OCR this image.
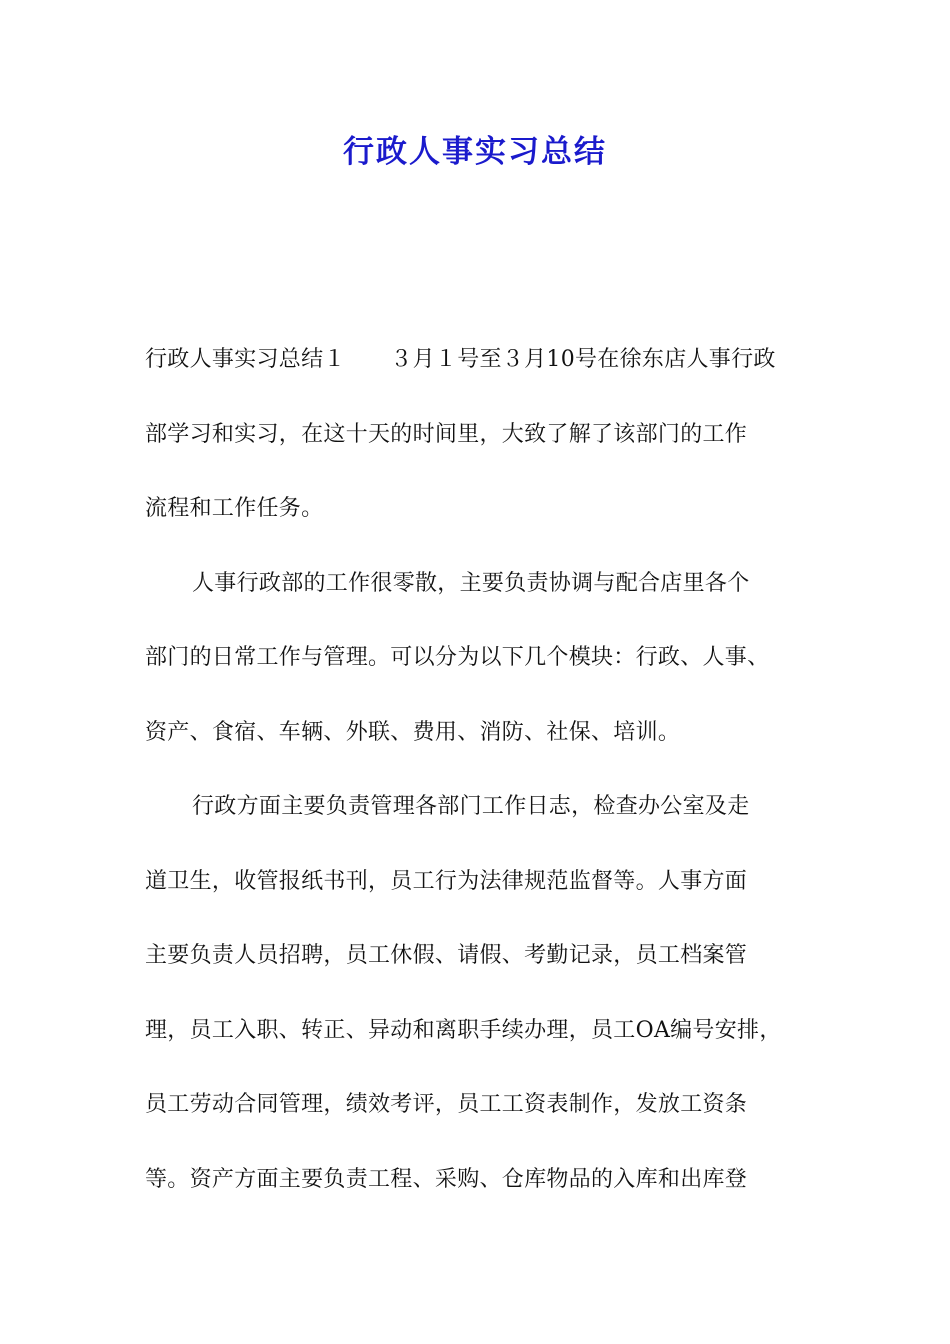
行政人事实习总结

行政人事实习总结１　　３月１号至３月10号在徐东店人事行政
部学习和实习，在这十天的时间里，大致了解了该部门的工作
流程和工作任务。

人事行政部的工作很零散，主要负责协调与配合店里各个
部门的日常工作与管理。可以分为以下几个模块：行政、人事、
资产、食宿、车辆、外联、费用、消防、社保、培训。

行政方面主要负责管理各部门工作日志，检查办公室及走
道卫生，收管报纸书刊，员工行为法律规范监督等。人事方面
主要负责人员招聘，员工休假、请假、考勤记录，员工档案管
理，员工入职、转正、异动和离职手续办理，员工OA编号安排，
员工劳动合同管理，绩效考评，员工工资表制作，发放工资条
等。资产方面主要负责工程、采购、仓库物品的入库和出库登
